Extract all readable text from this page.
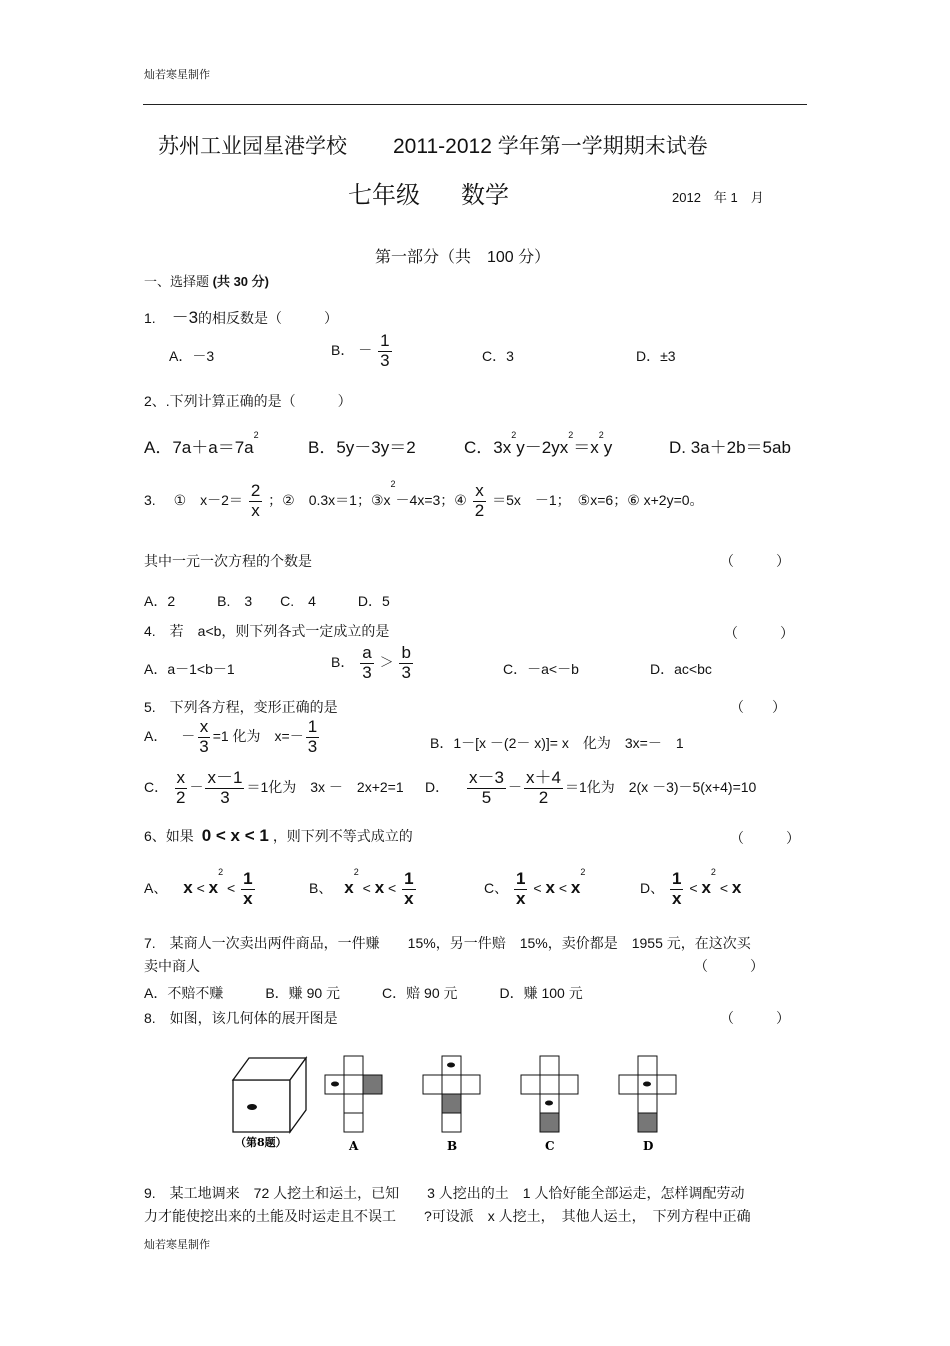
灿若寒星制作
苏州工业园星港学校 2011-2012 学年第一学期期末试卷
七年级 数学	2012　年 1　月
第一部分（共　100 分）
一、选择题 (共 30 分)
1. －3的相反数是（　　　）
A．－3	B． － $\frac{1}{3}$	C．3	D．±3
2、.下列计算正确的是（　　　）
A．$7a+a=7a^2$
B．5y－3y＝2	C．$3x^2y-2yx^2=x^2y$	D. 3a＋2b＝5ab
3. ①　$x-2= \frac{2}{x}$ ；②　0.3x＝1；$③x^2-4x=3$；④ $\frac{x}{2} =5x$　－1；　⑤x=6；⑥ x+2y=0。
其中一元一次方程的个数是	（　　　）
A．2　　　B.　3　　C.　4　　　D．5
4.　若　a<b，则下列各式一定成立的是	（　　　）
A．a－1<b－1	B． $\frac{a}{3} > \frac{b}{3}$	C．－a<－b	D．ac<bc
5.　下列各方程，变形正确的是	（　　）
A． － $\frac{x}{3} =1$ 化为　$x=- \frac{1}{3}$	B．1－[x －(2－ x)]= x　化为　3x=－　1
C． $\frac{x}{2} - \frac{x-1}{3} =1$化为　3x －　2x+2=1 D． $\frac{x-3}{5} - \frac{x+4}{2} =1$化为　2(x －3)－5(x+4)=10
6、如果 0 < x < 1 ，则下列不等式成立的	（　　　）
A、 $x < x^2 < \frac{1}{x}$	B、 $x^2 < x < \frac{1}{x}$	C、 $\frac{1}{x} < x < x^2$
D、 $\frac{1}{x} < x^2 < x$
7.　某商人一次卖出两件商品，一件赚　　15%，另一件赔　15%，卖价都是　1955 元，在这次买
卖中商人	（　　　）
A．不赔不赚　　　B．赚 90 元　　　C．赔 90 元　　　D．赚 100 元
8.　如图，该几何体的展开图是	（　　　）
（第8题）	A	B	C	D
9.　某工地调来　72 人挖土和运土，已知　　3 人挖出的土　1 人恰好能全部运走，怎样调配劳动
力才能使挖出来的土能及时运走且不误工　　?可设派　x 人挖土，　其他人运土，　下列方程中正确
灿若寒星制作
